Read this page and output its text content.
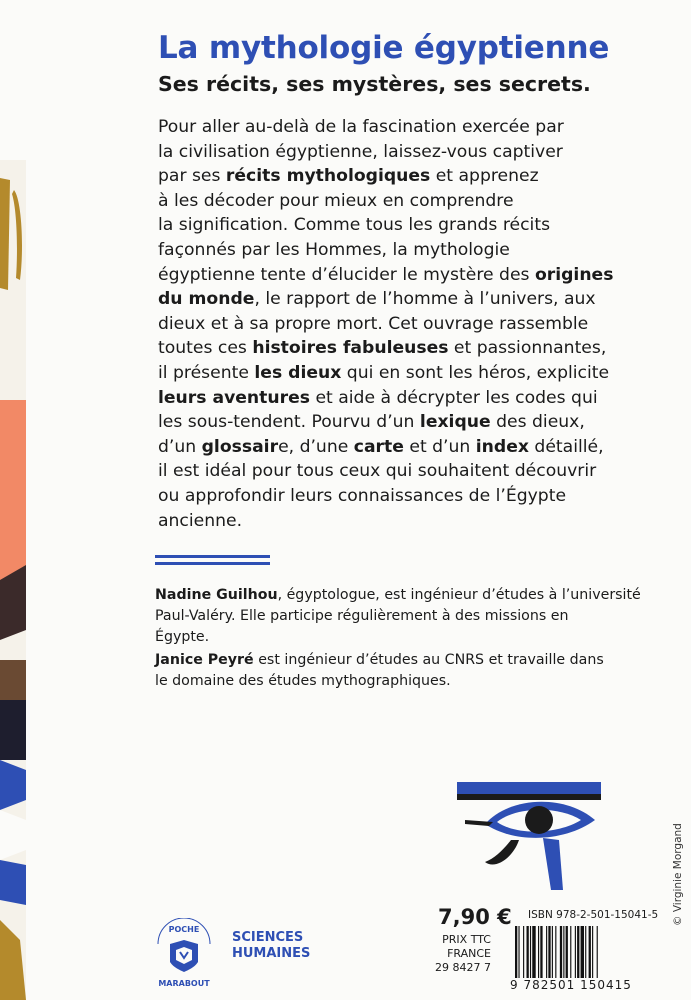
La mythologie égyptienne
Ses récits, ses mystères, ses secrets.
Pour aller au-delà de la fascination exercée par
la civilisation égyptienne, laissez-vous captiver
par ses récits mythologiques et apprenez
à les décoder pour mieux en comprendre
la signification. Comme tous les grands récits
façonnés par les Hommes, la mythologie
égyptienne tente d’élucider le mystère des origines
du monde, le rapport de l’homme à l’univers, aux
dieux et à sa propre mort. Cet ouvrage rassemble
toutes ces histoires fabuleuses et passionnantes,
il présente les dieux qui en sont les héros, explicite
leurs aventures et aide à décrypter les codes qui
les sous-tendent. Pourvu d’un lexique des dieux,
d’un glossaire, d’une carte et d’un index détaillé,
il est idéal pour tous ceux qui souhaitent découvrir
ou approfondir leurs connaissances de l’Égypte
ancienne.
Nadine Guilhou, égyptologue, est ingénieur d’études à l’université
Paul-Valéry. Elle participe régulièrement à des missions en
Égypte.
Janice Peyré est ingénieur d’études au CNRS et travaille dans
le domaine des études mythographiques.
POCHE
MARABOUT
SCIENCES
HUMAINES
7,90 €
PRIX TTC FRANCE
29 8427 7
ISBN 978-2-501-15041-5
9 782501 150415
© Virginie Morgand
